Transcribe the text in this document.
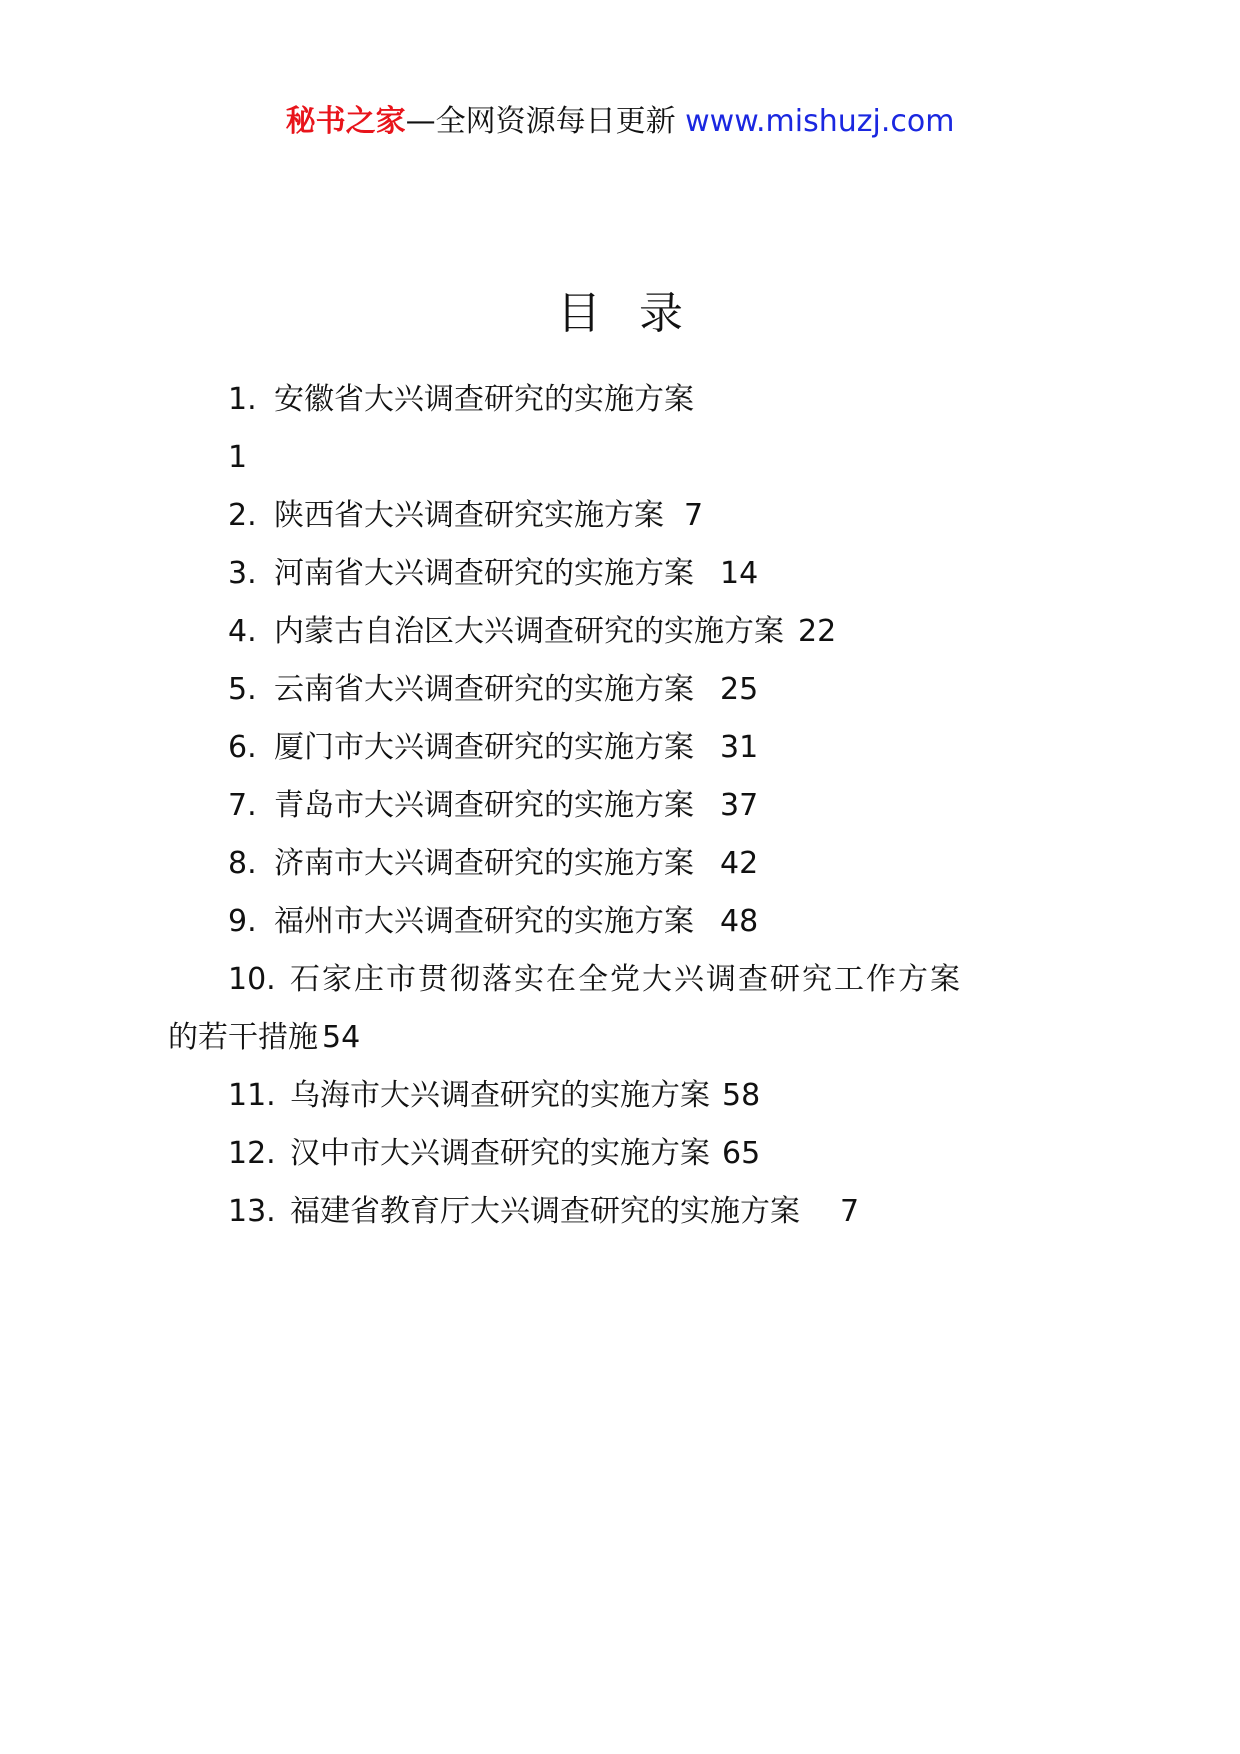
秘书之家—全网资源每日更新 www.mishuzj.com
目录
1. 安徽省大兴调查研究的实施方案
1
2. 陕西省大兴调查研究实施方案 7
3. 河南省大兴调查研究的实施方案 14
4. 内蒙古自治区大兴调查研究的实施方案 22
5. 云南省大兴调查研究的实施方案 25
6. 厦门市大兴调查研究的实施方案 31
7. 青岛市大兴调查研究的实施方案 37
8. 济南市大兴调查研究的实施方案 42
9. 福州市大兴调查研究的实施方案 48
10. 石家庄市贯彻落实在全党大兴调查研究工作方案
的若干措施 54
11. 乌海市大兴调查研究的实施方案 58
12. 汉中市大兴调查研究的实施方案 65
13. 福建省教育厅大兴调查研究的实施方案 7
